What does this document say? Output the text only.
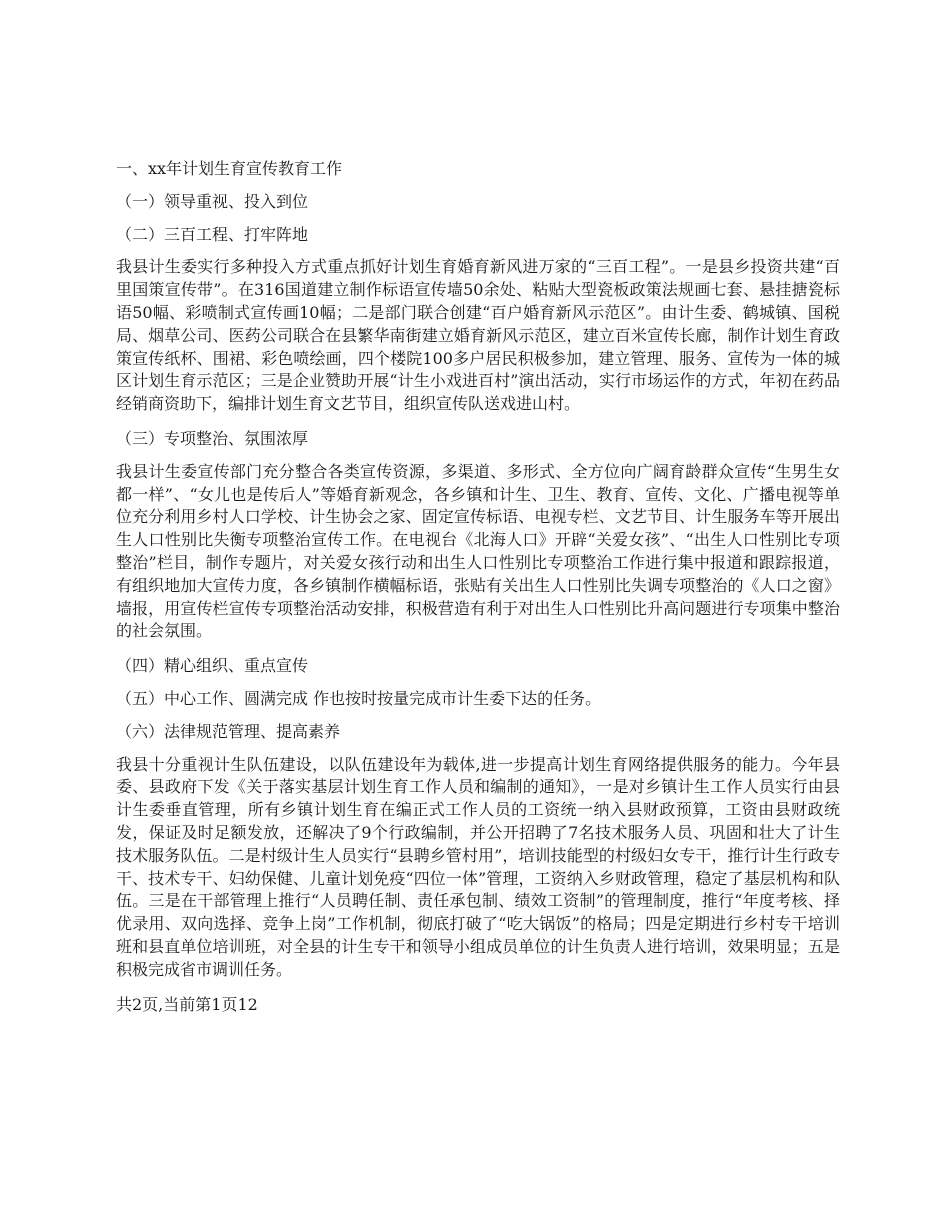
一、xx年计划生育宣传教育工作

（一）领导重视、投入到位

（二）三百工程、打牢阵地

我县计生委实行多种投入方式重点抓好计划生育婚育新风进万家的“三百工程”。一是县乡投资共建“百里国策宣传带”。在316国道建立制作标语宣传墙50余处、粘贴大型瓷板政策法规画七套、悬挂搪瓷标语50幅、彩喷制式宣传画10幅；二是部门联合创建“百户婚育新风示范区”。由计生委、鹤城镇、国税局、烟草公司、医药公司联合在县繁华南街建立婚育新风示范区，建立百米宣传长廊，制作计划生育政策宣传纸杯、围裙、彩色喷绘画，四个楼院100多户居民积极参加，建立管理、服务、宣传为一体的城区计划生育示范区；三是企业赞助开展“计生小戏进百村”演出活动，实行市场运作的方式，年初在药品经销商资助下，编排计划生育文艺节目，组织宣传队送戏进山村。

（三）专项整治、氛围浓厚

我县计生委宣传部门充分整合各类宣传资源，多渠道、多形式、全方位向广阔育龄群众宣传“生男生女都一样”、“女儿也是传后人”等婚育新观念，各乡镇和计生、卫生、教育、宣传、文化、广播电视等单位充分利用乡村人口学校、计生协会之家、固定宣传标语、电视专栏、文艺节目、计生服务车等开展出生人口性别比失衡专项整治宣传工作。在电视台《北海人口》开辟“关爱女孩”、“出生人口性别比专项整治”栏目，制作专题片，对关爱女孩行动和出生人口性别比专项整治工作进行集中报道和跟踪报道，有组织地加大宣传力度，各乡镇制作横幅标语，张贴有关出生人口性别比失调专项整治的《人口之窗》墙报，用宣传栏宣传专项整治活动安排，积极营造有利于对出生人口性别比升高问题进行专项集中整治的社会氛围。

（四）精心组织、重点宣传

（五）中心工作、圆满完成 作也按时按量完成市计生委下达的任务。

（六）法律规范管理、提高素养

我县十分重视计生队伍建设，以队伍建设年为载体,进一步提高计划生育网络提供服务的能力。今年县委、县政府下发《关于落实基层计划生育工作人员和编制的通知》，一是对乡镇计生工作人员实行由县计生委垂直管理，所有乡镇计划生育在编正式工作人员的工资统一纳入县财政预算，工资由县财政统发，保证及时足额发放，还解决了9个行政编制，并公开招聘了7名技术服务人员、巩固和壮大了计生技术服务队伍。二是村级计生人员实行“县聘乡管村用”，培训技能型的村级妇女专干，推行计生行政专干、技术专干、妇幼保健、儿童计划免疫“四位一体”管理，工资纳入乡财政管理，稳定了基层机构和队伍。三是在干部管理上推行“人员聘任制、责任承包制、绩效工资制”的管理制度，推行“年度考核、择优录用、双向选择、竞争上岗”工作机制，彻底打破了“吃大锅饭”的格局；四是定期进行乡村专干培训班和县直单位培训班，对全县的计生专干和领导小组成员单位的计生负责人进行培训，效果明显；五是积极完成省市调训任务。

共2页,当前第1页12
